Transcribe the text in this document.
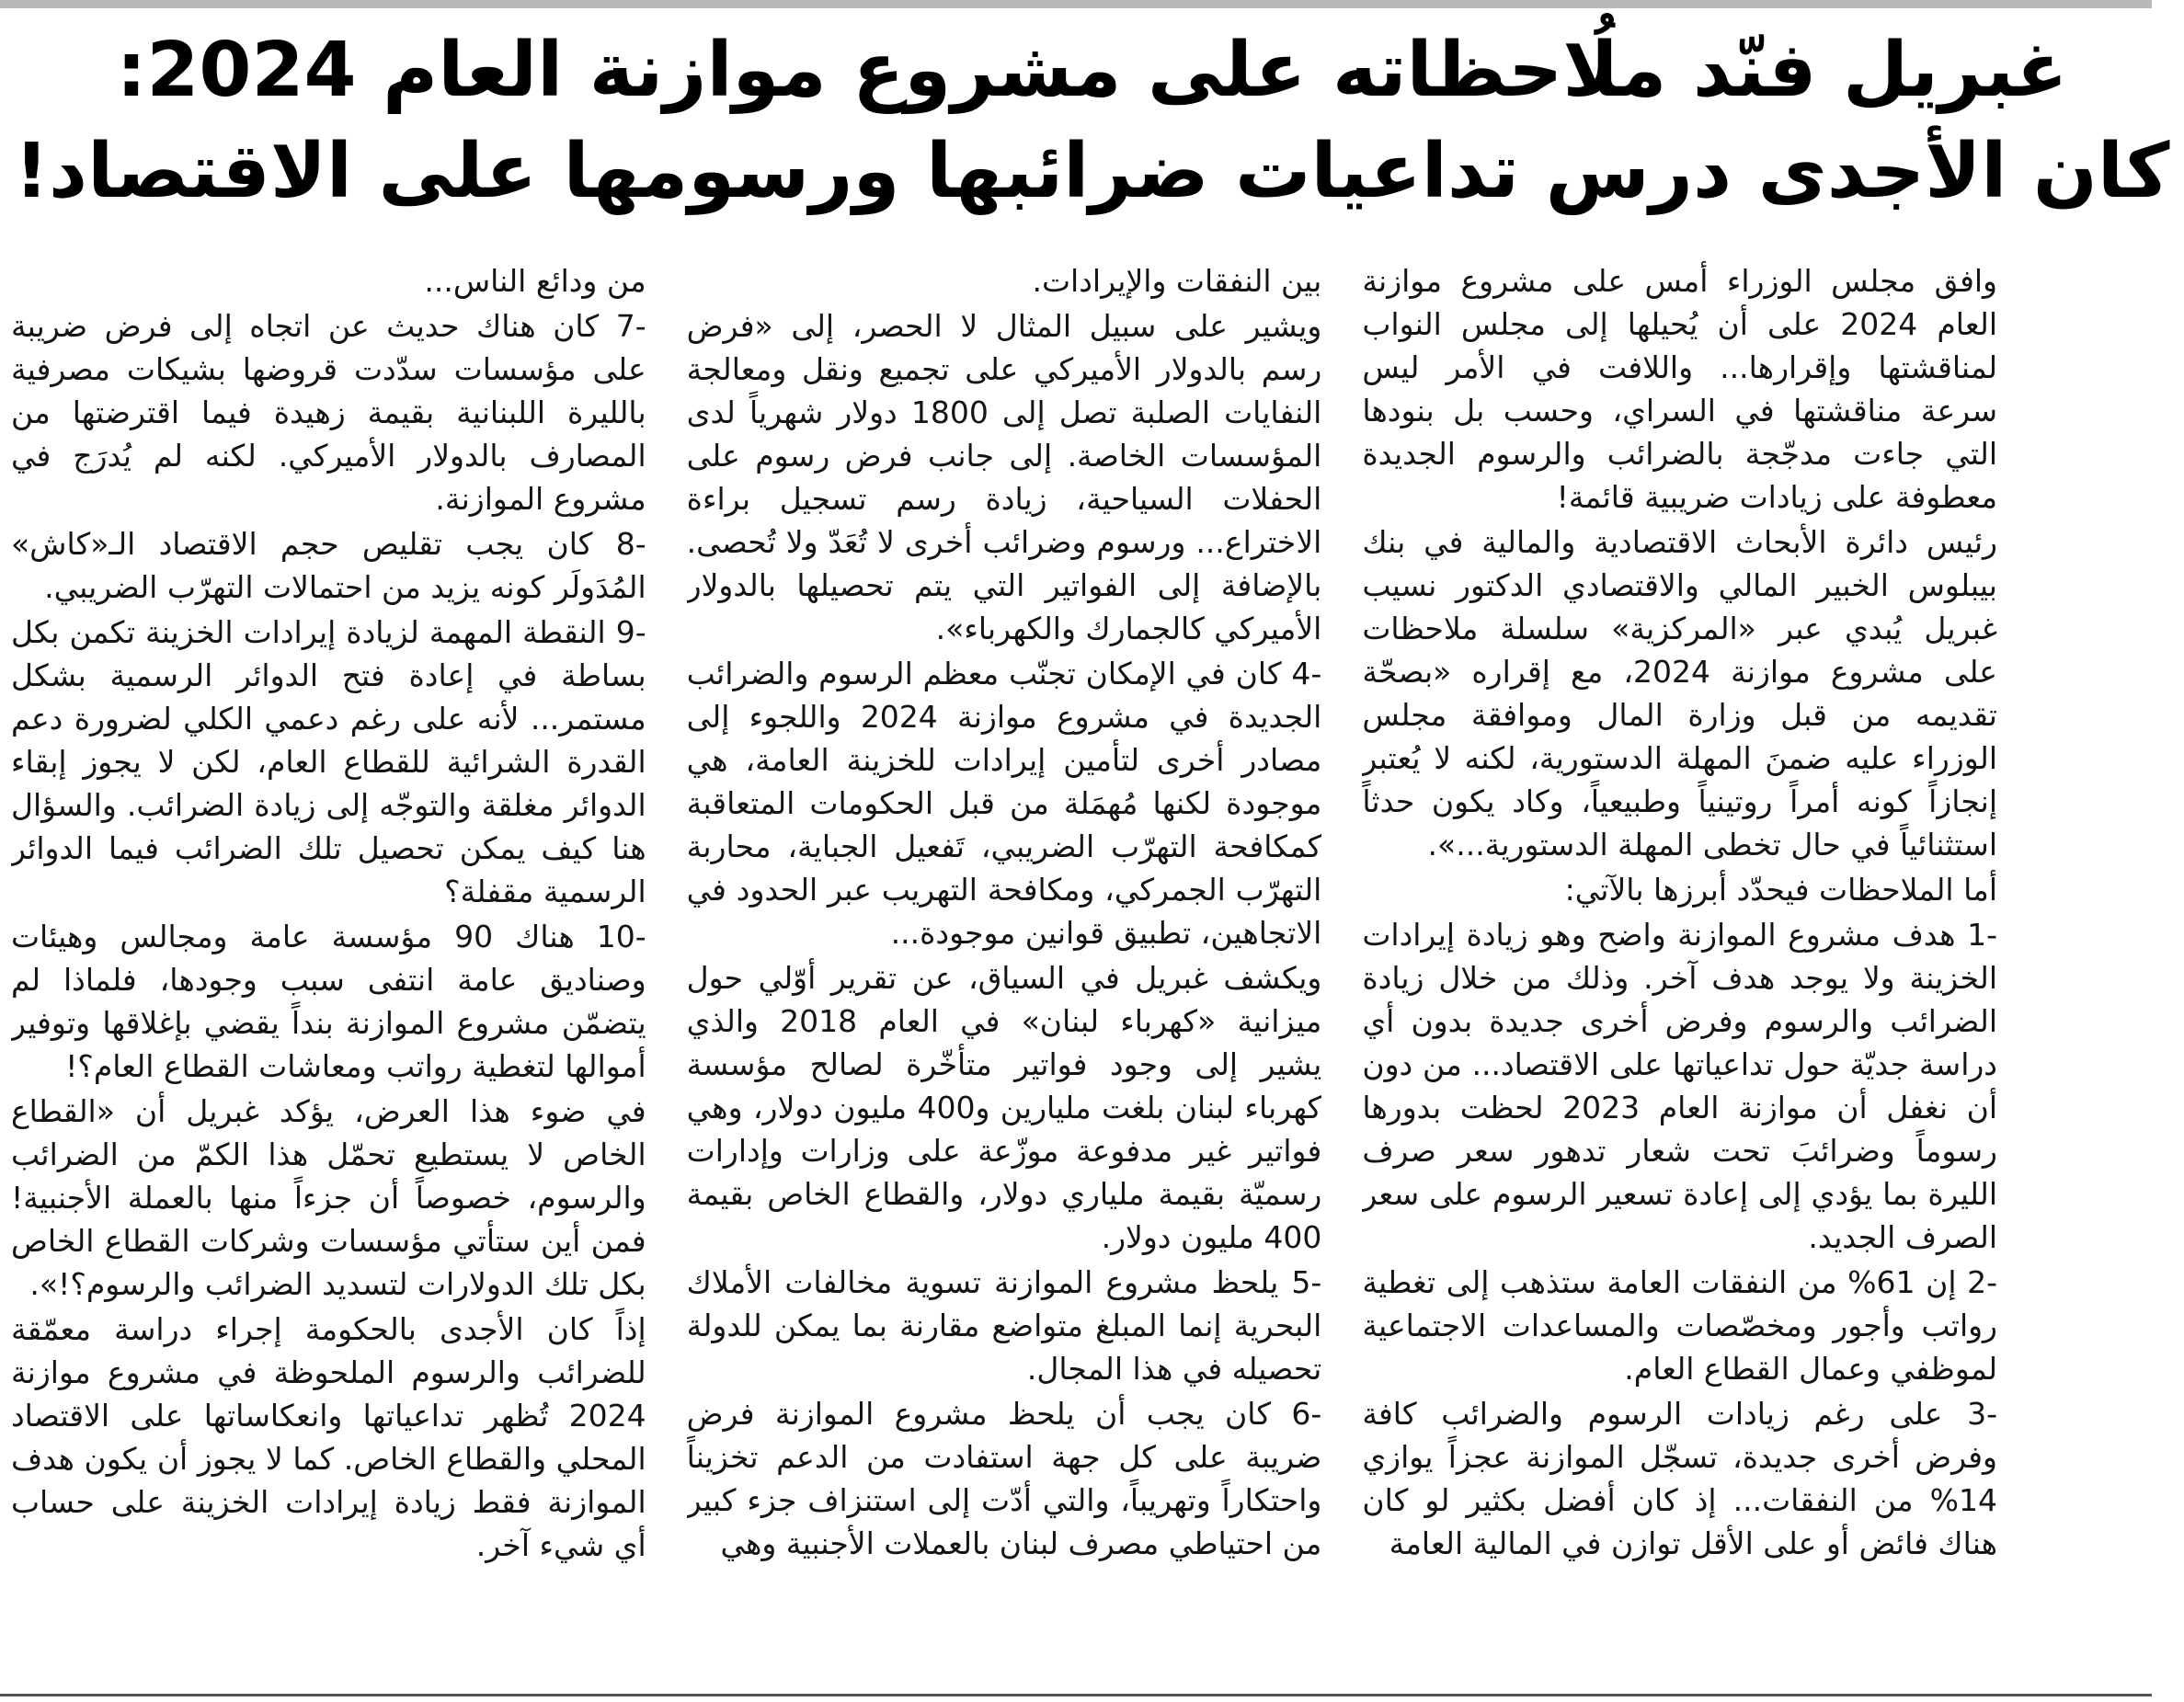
غبريل فنّد ملُاحظاته على مشروع موازنة العام 2024:
كان الأجدى درس تداعيات ضرائبها ورسومها على الاقتصاد!

وافق مجلس الوزراء أمس على مشروع موازنة العام 2024 على أن يُحيلها إلى مجلس النواب لمناقشتها وإقرارها... واللافت في الأمر ليس سرعة مناقشتها في السراي، وحسب بل بنودها التي جاءت مدجّجة بالضرائب والرسوم الجديدة معطوفة على زيادات ضريبية قائمة!

رئيس دائرة الأبحاث الاقتصادية والمالية في بنك بيبلوس الخبير المالي والاقتصادي الدكتور نسيب غبريل يُبدي عبر «المركزية» سلسلة ملاحظات على مشروع موازنة 2024، مع إقراره «بصحّة تقديمه من قبل وزارة المال وموافقة مجلس الوزراء عليه ضمنَ المهلة الدستورية، لكنه لا يُعتبر إنجازاً كونه أمراً روتينياً وطبيعياً، وكاد يكون حدثاً استثنائياً في حال تخطى المهلة الدستورية...».

أما الملاحظات فيحدّد أبرزها بالآتي:

-1 هدف مشروع الموازنة واضح وهو زيادة إيرادات الخزينة ولا يوجد هدف آخر. وذلك من خلال زيادة الضرائب والرسوم وفرض أخرى جديدة بدون أي دراسة جديّة حول تداعياتها على الاقتصاد... من دون أن نغفل أن موازنة العام 2023 لحظت بدورها رسوماً وضرائبَ تحت شعار تدهور سعر صرف الليرة بما يؤدي إلى إعادة تسعير الرسوم على سعر الصرف الجديد.

-2 إن 61% من النفقات العامة ستذهب إلى تغطية رواتب وأجور ومخصّصات والمساعدات الاجتماعية لموظفي وعمال القطاع العام.

-3 على رغم زيادات الرسوم والضرائب كافة وفرض أخرى جديدة، تسجّل الموازنة عجزاً يوازي 14% من النفقات... إذ كان أفضل بكثير لو كان هناك فائض أو على الأقل توازن في المالية العامة

بين النفقات والإيرادات.

ويشير على سبيل المثال لا الحصر، إلى «فرض رسم بالدولار الأميركي على تجميع ونقل ومعالجة النفايات الصلبة تصل إلى 1800 دولار شهرياً لدى المؤسسات الخاصة. إلى جانب فرض رسوم على الحفلات السياحية، زيادة رسم تسجيل براءة الاختراع... ورسوم وضرائب أخرى لا تُعَدّ ولا تُحصى. بالإضافة إلى الفواتير التي يتم تحصيلها بالدولار الأميركي كالجمارك والكهرباء».

-4 كان في الإمكان تجنّب معظم الرسوم والضرائب الجديدة في مشروع موازنة 2024 واللجوء إلى مصادر أخرى لتأمين إيرادات للخزينة العامة، هي موجودة لكنها مُهمَلة من قبل الحكومات المتعاقبة كمكافحة التهرّب الضريبي، تَفعيل الجباية، محاربة التهرّب الجمركي، ومكافحة التهريب عبر الحدود في الاتجاهين، تطبيق قوانين موجودة...

ويكشف غبريل في السياق، عن تقرير أوّلي حول ميزانية «كهرباء لبنان» في العام 2018 والذي يشير إلى وجود فواتير متأخّرة لصالح مؤسسة كهرباء لبنان بلغت مليارين و400 مليون دولار، وهي فواتير غير مدفوعة موزّعة على وزارات وإدارات رسميّة بقيمة ملياري دولار، والقطاع الخاص بقيمة 400 مليون دولار.

-5 يلحظ مشروع الموازنة تسوية مخالفات الأملاك البحرية إنما المبلغ متواضع مقارنة بما يمكن للدولة تحصيله في هذا المجال.

-6 كان يجب أن يلحظ مشروع الموازنة فرض ضريبة على كل جهة استفادت من الدعم تخزيناً واحتكاراً وتهريباً، والتي أدّت إلى استنزاف جزء كبير من احتياطي مصرف لبنان بالعملات الأجنبية وهي

من ودائع الناس...

-7 كان هناك حديث عن اتجاه إلى فرض ضريبة على مؤسسات سدّدت قروضها بشيكات مصرفية بالليرة اللبنانية بقيمة زهيدة فيما اقترضتها من المصارف بالدولار الأميركي. لكنه لم يُدرَج في مشروع الموازنة.

-8 كان يجب تقليص حجم الاقتصاد الـ«كاش» المُدَولَر كونه يزيد من احتمالات التهرّب الضريبي.

-9 النقطة المهمة لزيادة إيرادات الخزينة تكمن بكل بساطة في إعادة فتح الدوائر الرسمية بشكل مستمر... لأنه على رغم دعمي الكلي لضرورة دعم القدرة الشرائية للقطاع العام، لكن لا يجوز إبقاء الدوائر مغلقة والتوجّه إلى زيادة الضرائب. والسؤال هنا كيف يمكن تحصيل تلك الضرائب فيما الدوائر الرسمية مقفلة؟

-10 هناك 90 مؤسسة عامة ومجالس وهيئات وصناديق عامة انتفى سبب وجودها، فلماذا لم يتضمّن مشروع الموازنة بنداً يقضي بإغلاقها وتوفير أموالها لتغطية رواتب ومعاشات القطاع العام؟!

في ضوء هذا العرض، يؤكد غبريل أن «القطاع الخاص لا يستطيع تحمّل هذا الكمّ من الضرائب والرسوم، خصوصاً أن جزءاً منها بالعملة الأجنبية! فمن أين ستأتي مؤسسات وشركات القطاع الخاص بكل تلك الدولارات لتسديد الضرائب والرسوم؟!».

إذاً كان الأجدى بالحكومة إجراء دراسة معمّقة للضرائب والرسوم الملحوظة في مشروع موازنة 2024 تُظهر تداعياتها وانعكاساتها على الاقتصاد المحلي والقطاع الخاص. كما لا يجوز أن يكون هدف الموازنة فقط زيادة إيرادات الخزينة على حساب أي شيء آخر.
